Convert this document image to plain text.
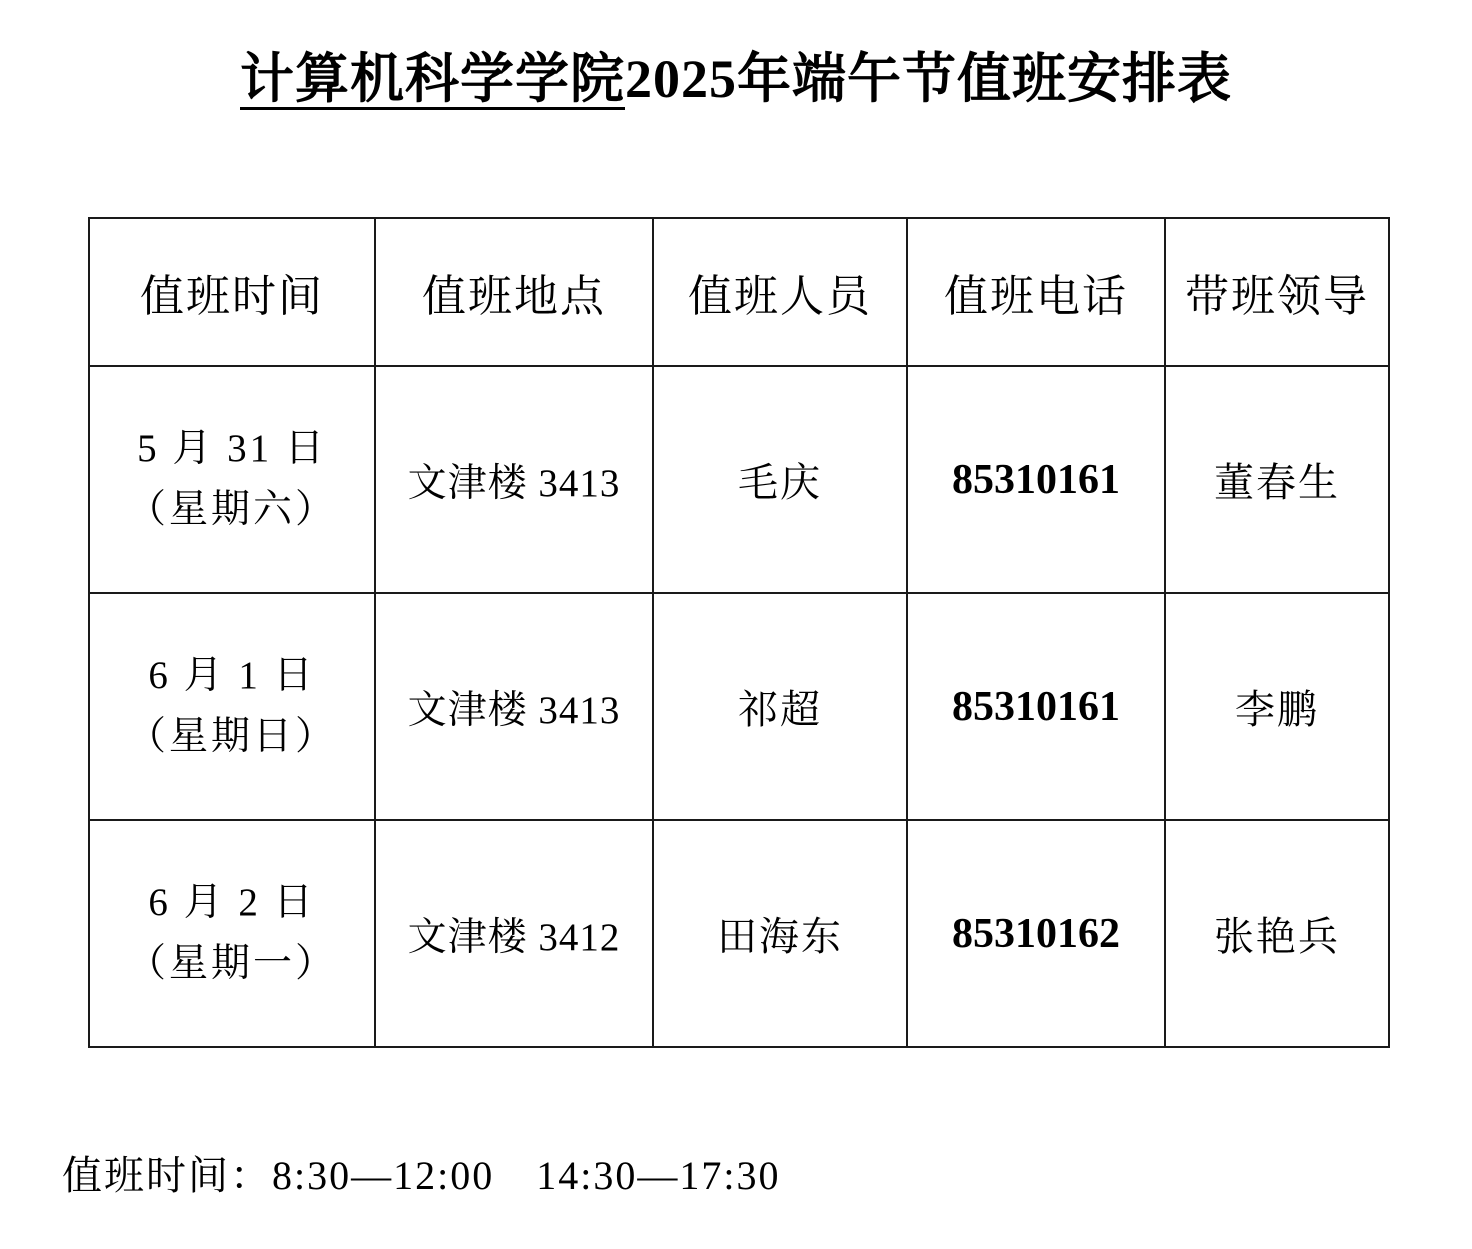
计算机科学学院2025年端午节值班安排表
值班时间	值班地点	值班人员	值班电话	带班领导

5 月 31 日
（星期六）	文津楼 3413	毛庆	85310161	董春生

6 月 1 日
（星期日）	文津楼 3413	祁超	85310161	李鹏

6 月 2 日
（星期一）	文津楼 3412	田海东	85310162	张艳兵

值班时间：8:30—12:00　14:30—17:30
